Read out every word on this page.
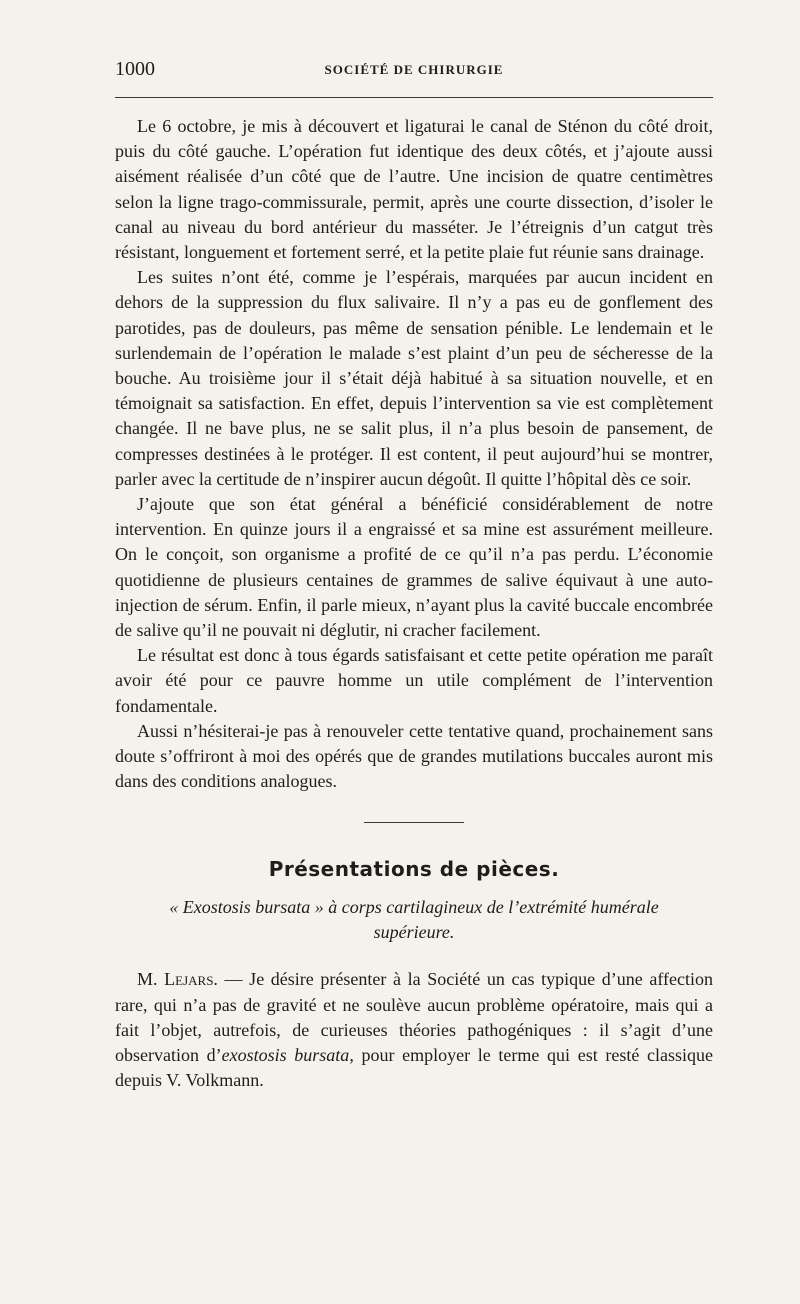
1000	SOCIÉTÉ DE CHIRURGIE

Le 6 octobre, je mis à découvert et ligaturai le canal de Sténon du côté droit, puis du côté gauche. L’opération fut identique des deux côtés, et j’ajoute aussi aisément réalisée d’un côté que de l’autre. Une incision de quatre centimètres selon la ligne trago-commissurale, permit, après une courte dissection, d’isoler le canal au niveau du bord antérieur du masséter. Je l’étreignis d’un catgut très résistant, longuement et fortement serré, et la petite plaie fut réunie sans drainage.

Les suites n’ont été, comme je l’espérais, marquées par aucun incident en dehors de la suppression du flux salivaire. Il n’y a pas eu de gonflement des parotides, pas de douleurs, pas même de sensation pénible. Le lendemain et le surlendemain de l’opération le malade s’est plaint d’un peu de sécheresse de la bouche. Au troisième jour il s’était déjà habitué à sa situation nouvelle, et en témoignait sa satisfaction. En effet, depuis l’intervention sa vie est complètement changée. Il ne bave plus, ne se salit plus, il n’a plus besoin de pansement, de compresses destinées à le protéger. Il est content, il peut aujourd’hui se montrer, parler avec la certitude de n’inspirer aucun dégoût. Il quitte l’hôpital dès ce soir.

J’ajoute que son état général a bénéficié considérablement de notre intervention. En quinze jours il a engraissé et sa mine est assurément meilleure. On le conçoit, son organisme a profité de ce qu’il n’a pas perdu. L’économie quotidienne de plusieurs centaines de grammes de salive équivaut à une auto-injection de sérum. Enfin, il parle mieux, n’ayant plus la cavité buccale encombrée de salive qu’il ne pouvait ni déglutir, ni cracher facilement.

Le résultat est donc à tous égards satisfaisant et cette petite opération me paraît avoir été pour ce pauvre homme un utile complément de l’intervention fondamentale.

Aussi n’hésiterai-je pas à renouveler cette tentative quand, prochainement sans doute s’offriront à moi des opérés que de grandes mutilations buccales auront mis dans des conditions analogues.

Présentations de pièces.
« Exostosis bursata » à corps cartilagineux de l’extrémité humérale supérieure.

M. Lejars. — Je désire présenter à la Société un cas typique d’une affection rare, qui n’a pas de gravité et ne soulève aucun problème opératoire, mais qui a fait l’objet, autrefois, de curieuses théories pathogéniques : il s’agit d’une observation d’exostosis bursata, pour employer le terme qui est resté classique depuis V. Volkmann.
